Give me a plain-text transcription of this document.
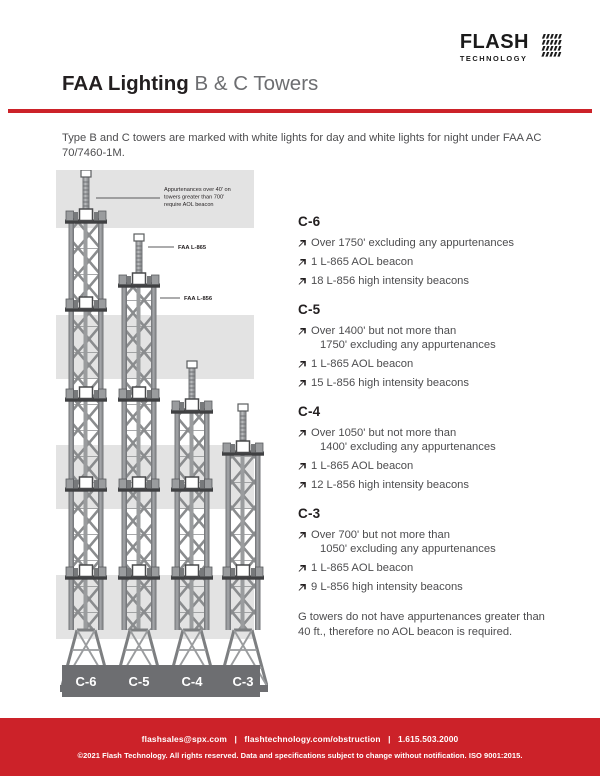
FLASH
TECHNOLOGY
FAA Lighting B & C Towers
Type B and C towers are marked with white lights for day and white lights for night under FAA AC 70/7460-1M.
Appurtenances over 40' on towers greater than 700' require AOL beacon
FAA L-865
FAA L-856
C-6 C-5 C-4 C-3
C-6
Over 1750' excluding any appurtenances
1 L-865 AOL beacon
18 L-856 high intensity beacons
C-5
Over 1400' but not more than
1750' excluding any appurtenances
1 L-865 AOL beacon
15 L-856 high intensity beacons
C-4
Over 1050' but not more than
1400' excluding any appurtenances
1 L-865 AOL beacon
12 L-856 high intensity beacons
C-3
Over 700' but not more than
1050' excluding any appurtenances
1 L-865 AOL beacon
9 L-856 high intensity beacons
G towers do not have appurtenances greater than 40 ft., therefore no AOL beacon is required.
flashsales@spx.com | flashtechnology.com/obstruction | 1.615.503.2000
©2021 Flash Technology. All rights reserved. Data and specifications subject to change without notification. ISO 9001:2015.
